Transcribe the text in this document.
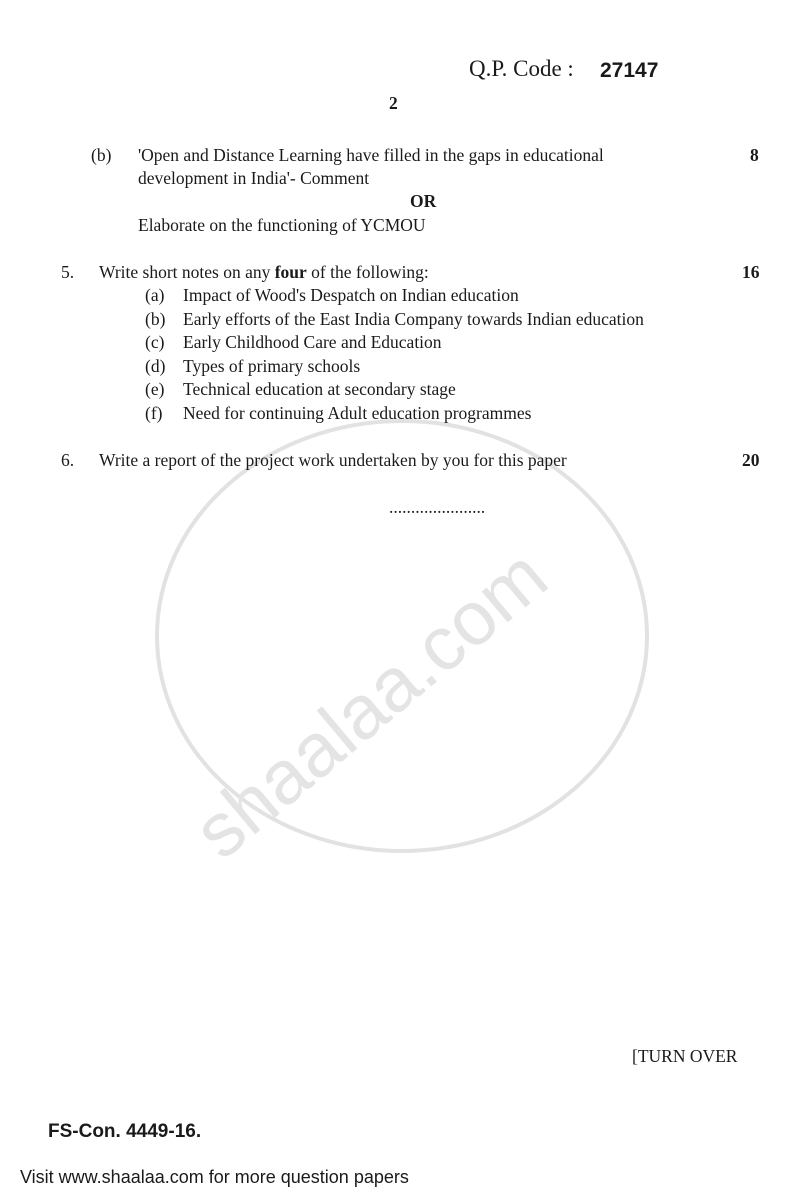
shaalaa.com
Q.P. Code : 27147
2
(b) 'Open and Distance Learning have filled in the gaps in educational
development in India'- Comment
8
OR
Elaborate on the functioning of YCMOU
5. Write short notes on any four of the following:	16
(a) Impact of Wood's Despatch on Indian education
(b) Early efforts of the East India Company towards Indian education
(c) Early Childhood Care and Education
(d) Types of primary schools
(e) Technical education at secondary stage
(f) Need for continuing Adult education programmes
6. Write a report of the project work undertaken by you for this paper	20
......................
[TURN OVER
FS-Con. 4449-16.
Visit www.shaalaa.com for more question papers
